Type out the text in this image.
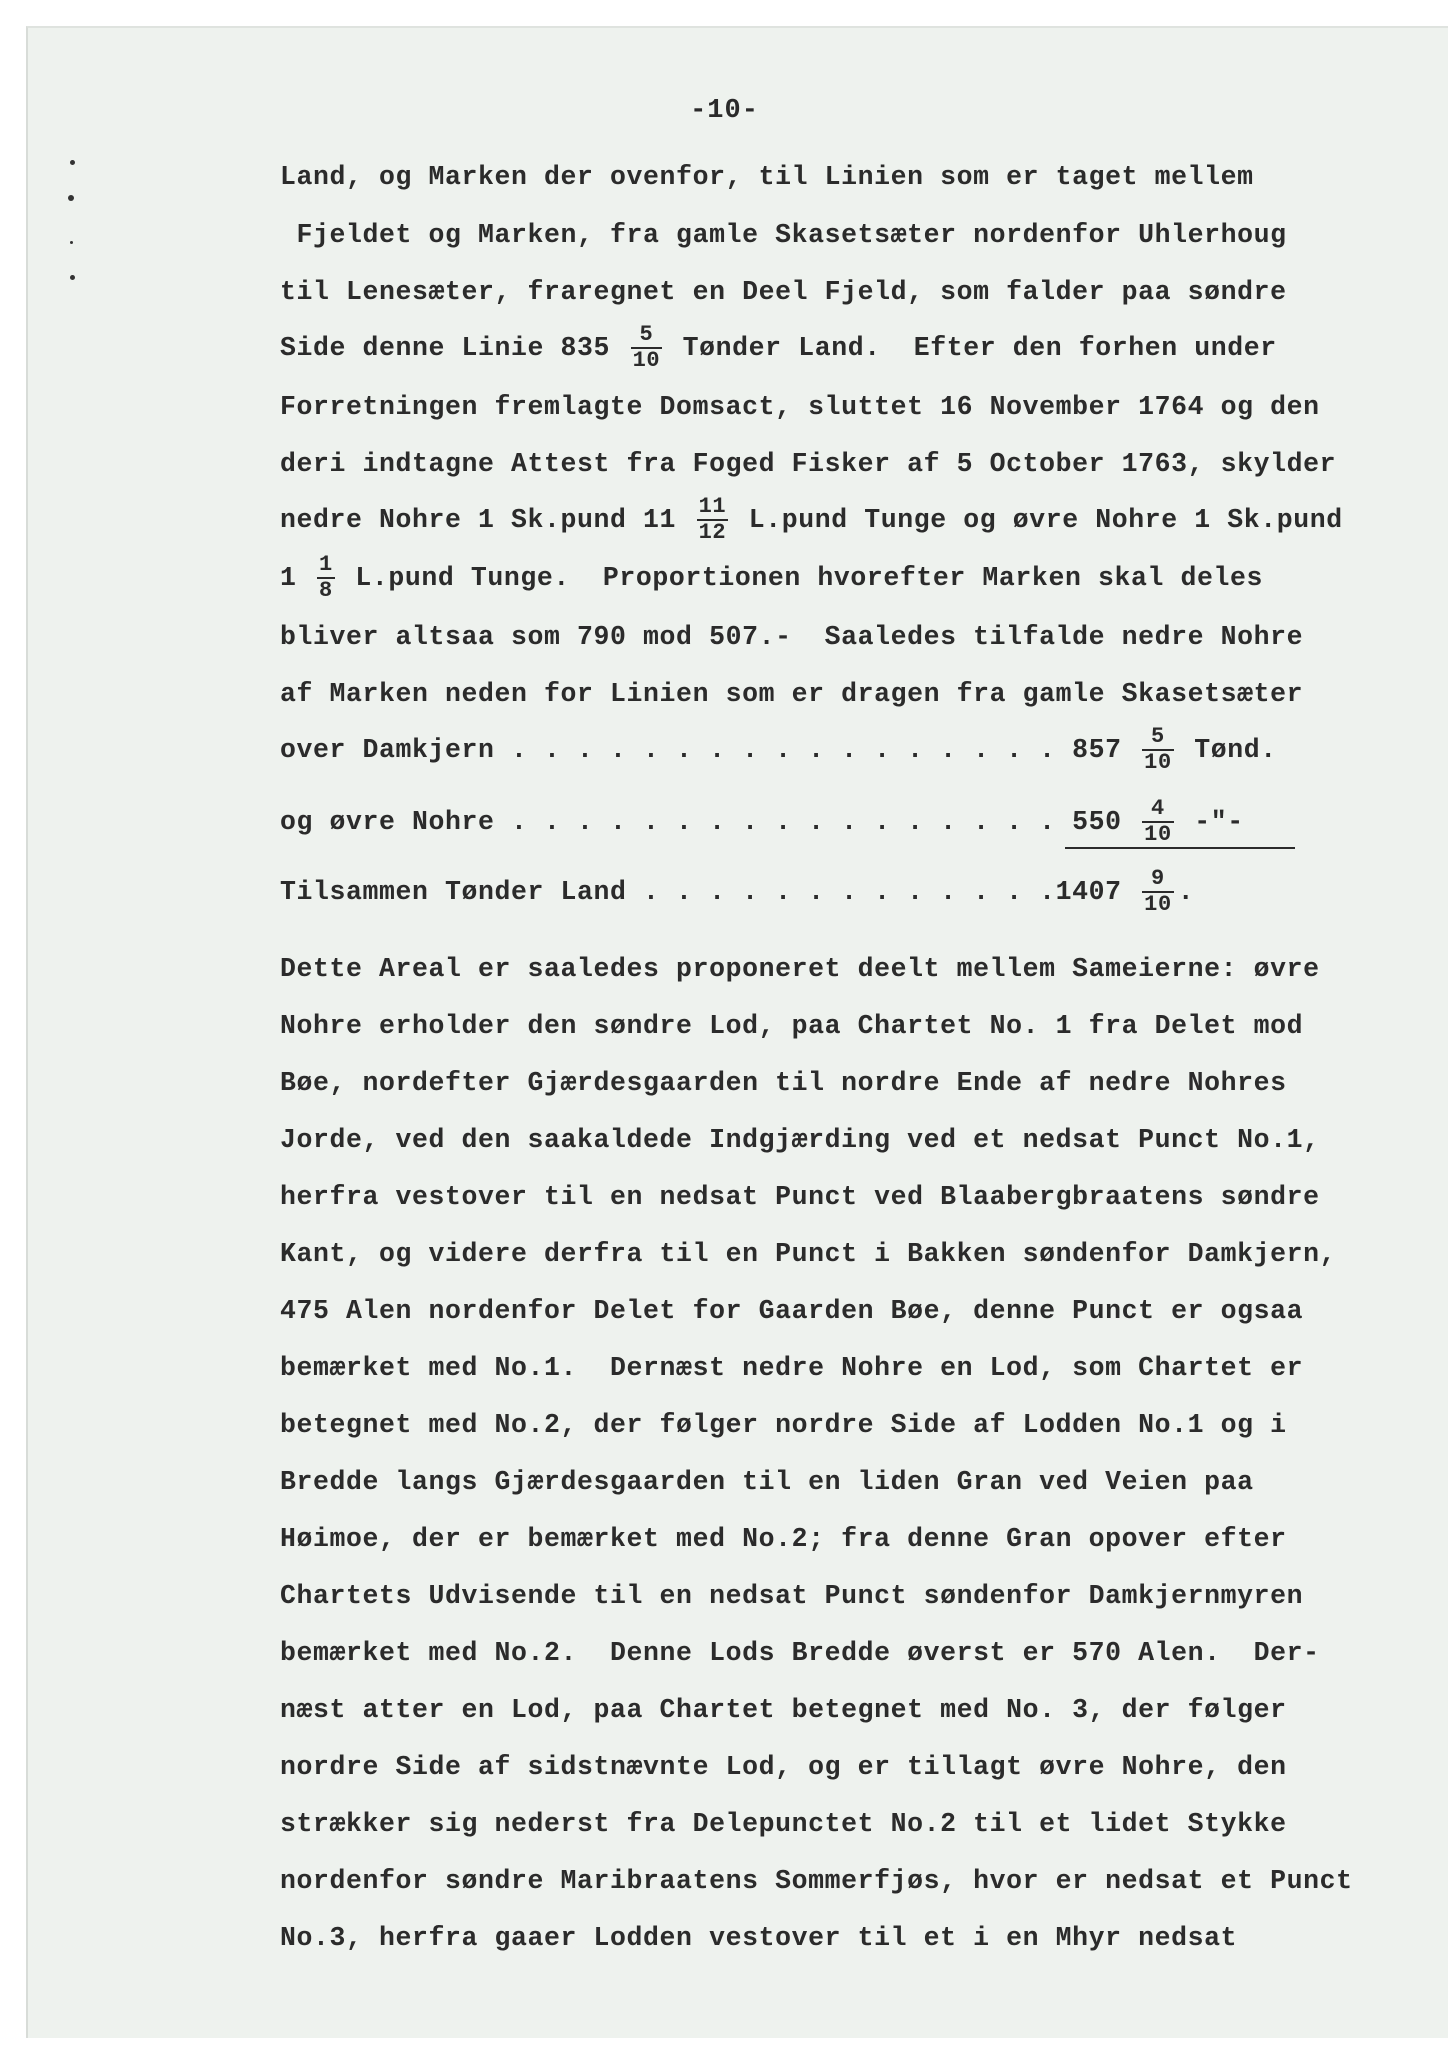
-10-
Land, og Marken der ovenfor, til Linien som er taget mellem
Fjeldet og Marken, fra gamle Skasetsæter nordenfor Uhlerhoug
til Lenesæter, fraregnet en Deel Fjeld, som falder paa søndre
Side denne Linie $835 \frac{5}{10}$ Tønder Land.  Efter den forhen under
Forretningen fremlagte Domsact, sluttet 16 November 1764 og den
deri indtagne Attest fra Foged Fisker af 5 October 1763, skylder
nedre Nohre 1 Sk.pund $11 \frac{11}{12}$ L.pund Tunge og øvre Nohre 1 Sk.pund
$1 \frac{1}{8}$ L.pund Tunge.  Proportionen hvorefter Marken skal deles
bliver altsaa som 790 mod 507.-  Saaledes tilfalde nedre Nohre
af Marken neden for Linien som er dragen fra gamle Skasetsæter
over Damkjern . . . . . . . . . . . . . . . . . $857 \frac{5}{10}$ Tønd.
og øvre Nohre . . . . . . . . . . . . . . . . . $550 \frac{4}{10}$ -"-
Tilsammen Tønder Land . . . . . . . . . . . . $.1407 \frac{9}{10}$ .
Dette Areal er saaledes proponeret deelt mellem Sameierne: øvre
Nohre erholder den søndre Lod, paa Chartet No. 1 fra Delet mod
Bøe, nordefter Gjærdesgaarden til nordre Ende af nedre Nohres
Jorde, ved den saakaldede Indgjærding ved et nedsat Punct No.1,
herfra vestover til en nedsat Punct ved Blaabergbraatens søndre
Kant, og videre derfra til en Punct i Bakken søndenfor Damkjern,
475 Alen nordenfor Delet for Gaarden Bøe, denne Punct er ogsaa
bemærket med No.1.  Dernæst nedre Nohre en Lod, som Chartet er
betegnet med No.2, der følger nordre Side af Lodden No.1 og i
Bredde langs Gjærdesgaarden til en liden Gran ved Veien paa
Høimoe, der er bemærket med No.2; fra denne Gran opover efter
Chartets Udvisende til en nedsat Punct søndenfor Damkjernmyren
bemærket med No.2.  Denne Lods Bredde øverst er 570 Alen.  Der-
næst atter en Lod, paa Chartet betegnet med No. 3, der følger
nordre Side af sidstnævnte Lod, og er tillagt øvre Nohre, den
strækker sig nederst fra Delepunctet No.2 til et lidet Stykke
nordenfor søndre Maribraatens Sommerfjøs, hvor er nedsat et Punct
No.3, herfra gaaer Lodden vestover til et i en Mhyr nedsat
